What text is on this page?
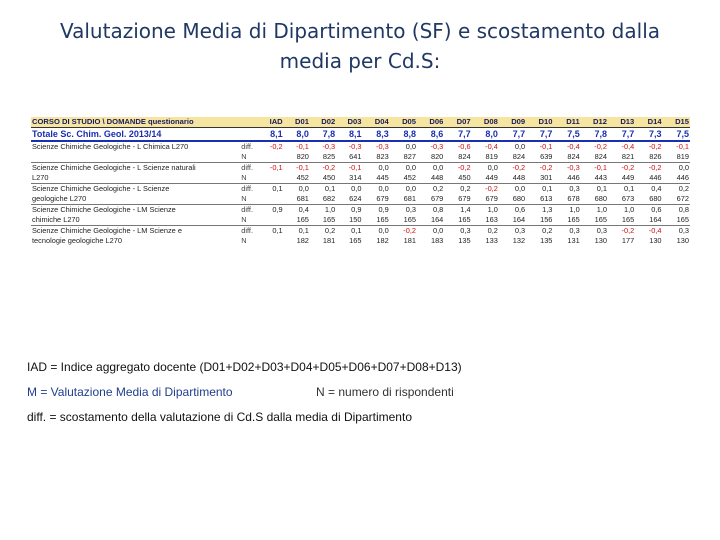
Valutazione Media di Dipartimento (SF) e scostamento dalla media per Cd.S:
CORSO DI STUDIO \ DOMANDE questionario		IAD	D01	D02	D03	D04	D05	D06	D07	D08	D09	D10	D11	D12	D13	D14	D15
Totale Sc. Chim. Geol. 2013/14		8,1	8,0	7,8	8,1	8,3	8,8	8,6	7,7	8,0	7,7	7,7	7,5	7,8	7,7	7,3	7,5
Scienze Chimiche Geologiche - L Chimica L270	diff.	-0,2	-0,1	-0,3	-0,3	-0,3	0,0	-0,3	-0,6	-0,4	0,0	-0,1	-0,4	-0,2	-0,4	-0,2	-0,1
	N		820	825	641	823	827	820	824	819	824	639	824	824	821	826	819
Scienze Chimiche Geologiche - L Scienze naturali	diff.	-0,1	-0,1	-0,2	-0,1	0,0	0,0	0,0	-0,2	0,0	-0,2	-0,2	-0,3	-0,1	-0,2	-0,2	0,0
L270	N		452	450	314	445	452	448	450	449	448	301	446	443	449	446	446
Scienze Chimiche Geologiche - L Scienze	diff.	0,1	0,0	0,1	0,0	0,0	0,0	0,2	0,2	-0,2	0,0	0,1	0,3	0,1	0,1	0,4	0,2
geologiche L270	N		681	682	624	679	681	679	679	679	680	613	678	680	673	680	672
Scienze Chimiche Geologiche - LM Scienze	diff.	0,9	0,4	1,0	0,9	0,9	0,3	0,8	1,4	1,0	0,6	1,3	1,0	1,0	1,0	0,6	0,8
chimiche L270	N		165	165	150	165	165	164	165	163	164	156	165	165	165	164	165
Scienze Chimiche Geologiche - LM Scienze e	diff.	0,1	0,1	0,2	0,1	0,0	-0,2	0,0	0,3	0,2	0,3	0,2	0,3	0,3	-0,2	-0,4	0,3
tecnologie geologiche L270	N		182	181	165	182	181	183	135	133	132	135	131	130	177	130	130
IAD = Indice aggregato docente (D01+D02+D03+D04+D05+D06+D07+D08+D13)
M = Valutazione Media di Dipartimento	N = numero di rispondenti
diff. = scostamento della valutazione di Cd.S dalla media di Dipartimento
